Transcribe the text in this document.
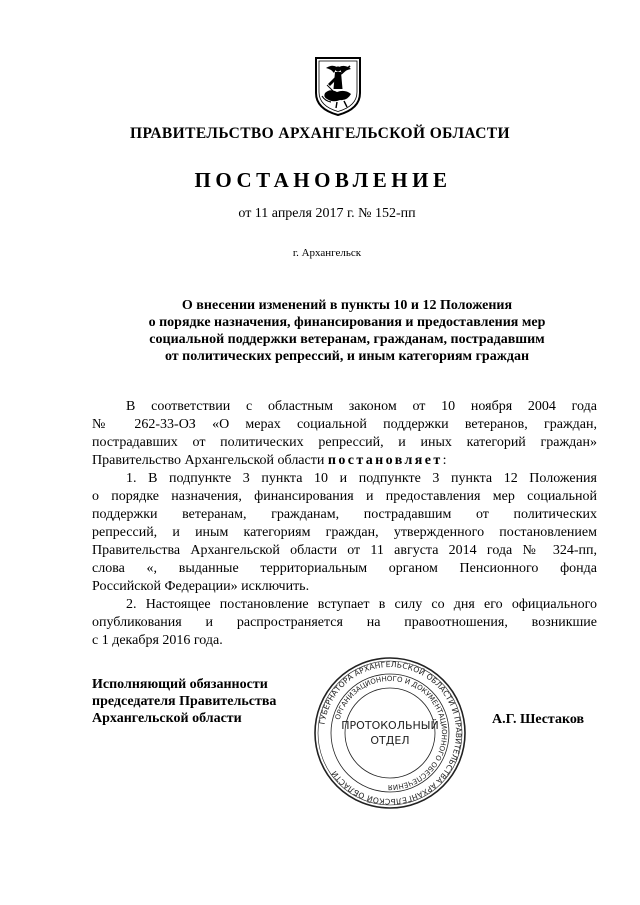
ПРАВИТЕЛЬСТВО АРХАНГЕЛЬСКОЙ ОБЛАСТИ
ПОСТАНОВЛЕНИЕ
от 11 апреля 2017 г. № 152-пп
г. Архангельск
О внесении изменений в пункты 10 и 12 Положения
о порядке назначения, финансирования и предоставления мер
социальной поддержки ветеранам, гражданам, пострадавшим
от политических репрессий, и иным категориям граждан
В соответствии с областным законом от 10 ноября 2004 года
№ 262-33-ОЗ «О мерах социальной поддержки ветеранов, граждан,
пострадавших от политических репрессий, и иных категорий граждан»
Правительство Архангельской области постановляет:
1. В подпункте 3 пункта 10 и подпункте 3 пункта 12 Положения
о порядке назначения, финансирования и предоставления мер социальной
поддержки ветеранам, гражданам, пострадавшим от политических
репрессий, и иным категориям граждан, утвержденного постановлением
Правительства Архангельской области от 11 августа 2014 года № 324-пп,
слова «, выданные территориальным органом Пенсионного фонда
Российской Федерации» исключить.
2. Настоящее постановление вступает в силу со дня его официального
опубликования и распространяется на правоотношения, возникшие
с 1 декабря 2016 года.
Исполняющий обязанности
председателя Правительства
Архангельской области	ГУБЕРНАТОРА АРХАНГЕЛЬСКОЙ ОБЛАСТИ И ПРАВИТЕЛЬСТВА АРХАНГЕЛЬСКОЙ ОБЛАСТИ
ОРГАНИЗАЦИОННОГО И ДОКУМЕНТАЦИОННОГО ОБЕСПЕЧЕНИЯ
ПРОТОКОЛЬНЫЙ
ОТДЕЛ
А.Г. Шестаков
